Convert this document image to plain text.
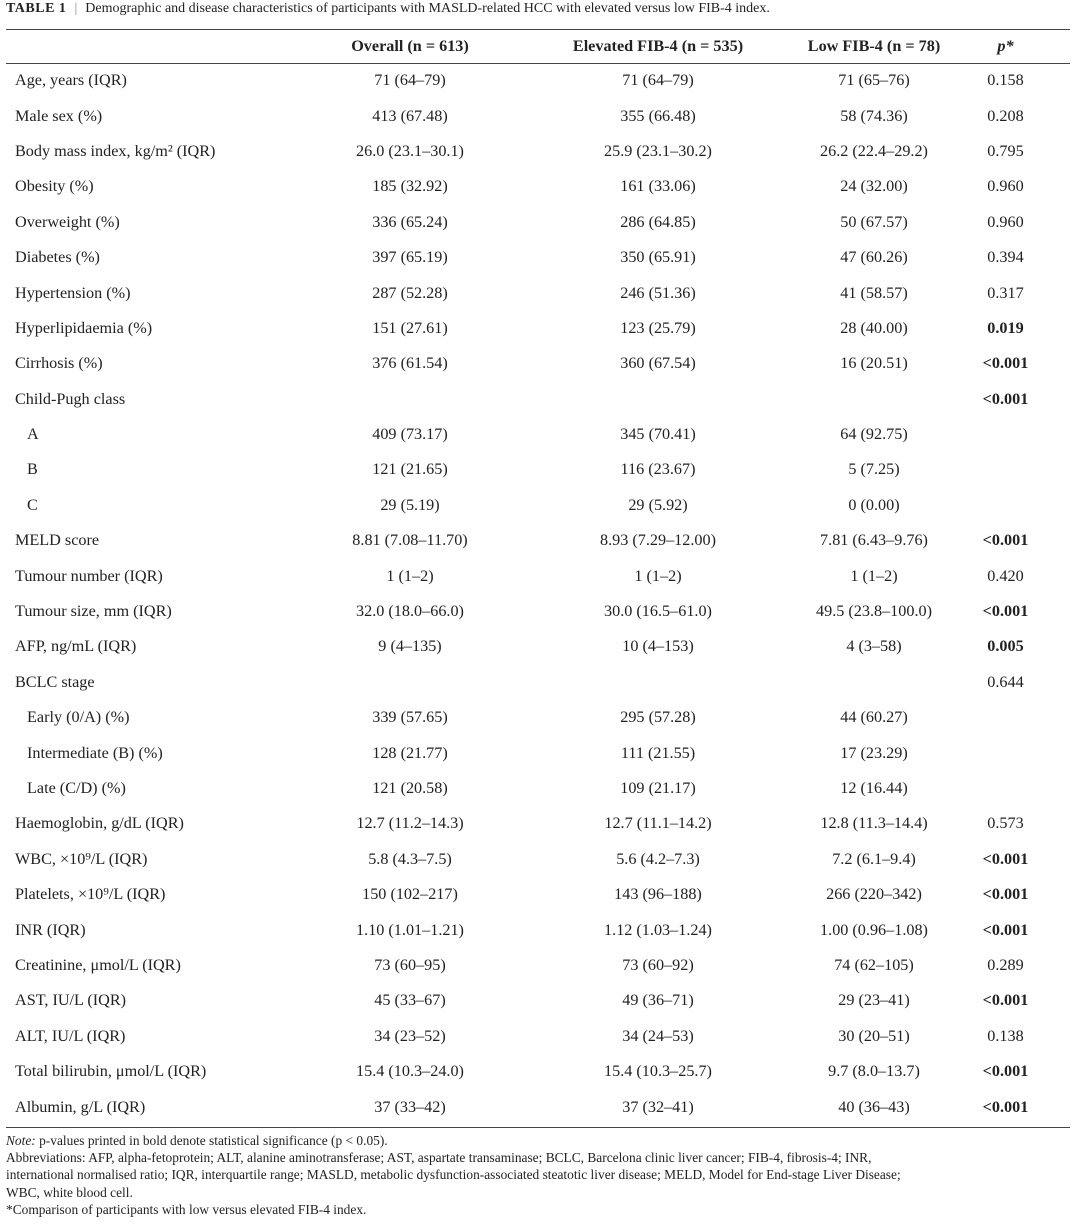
TABLE 1 | Demographic and disease characteristics of participants with MASLD-related HCC with elevated versus low FIB-4 index.
	Overall (n = 613)	Elevated FIB-4 (n = 535)	Low FIB-4 (n = 78)	p*
Age, years (IQR)	71 (64–79)	71 (64–79)	71 (65–76)	0.158
Male sex (%)	413 (67.48)	355 (66.48)	58 (74.36)	0.208
Body mass index, kg/m² (IQR)	26.0 (23.1–30.1)	25.9 (23.1–30.2)	26.2 (22.4–29.2)	0.795
Obesity (%)	185 (32.92)	161 (33.06)	24 (32.00)	0.960
Overweight (%)	336 (65.24)	286 (64.85)	50 (67.57)	0.960
Diabetes (%)	397 (65.19)	350 (65.91)	47 (60.26)	0.394
Hypertension (%)	287 (52.28)	246 (51.36)	41 (58.57)	0.317
Hyperlipidaemia (%)	151 (27.61)	123 (25.79)	28 (40.00)	0.019
Cirrhosis (%)	376 (61.54)	360 (67.54)	16 (20.51)	<0.001
Child-Pugh class				<0.001
A	409 (73.17)	345 (70.41)	64 (92.75)	
B	121 (21.65)	116 (23.67)	5 (7.25)	
C	29 (5.19)	29 (5.92)	0 (0.00)	
MELD score	8.81 (7.08–11.70)	8.93 (7.29–12.00)	7.81 (6.43–9.76)	<0.001
Tumour number (IQR)	1 (1–2)	1 (1–2)	1 (1–2)	0.420
Tumour size, mm (IQR)	32.0 (18.0–66.0)	30.0 (16.5–61.0)	49.5 (23.8–100.0)	<0.001
AFP, ng/mL (IQR)	9 (4–135)	10 (4–153)	4 (3–58)	0.005
BCLC stage				0.644
Early (0/A) (%)	339 (57.65)	295 (57.28)	44 (60.27)	
Intermediate (B) (%)	128 (21.77)	111 (21.55)	17 (23.29)	
Late (C/D) (%)	121 (20.58)	109 (21.17)	12 (16.44)	
Haemoglobin, g/dL (IQR)	12.7 (11.2–14.3)	12.7 (11.1–14.2)	12.8 (11.3–14.4)	0.573
WBC, ×10⁹/L (IQR)	5.8 (4.3–7.5)	5.6 (4.2–7.3)	7.2 (6.1–9.4)	<0.001
Platelets, ×10⁹/L (IQR)	150 (102–217)	143 (96–188)	266 (220–342)	<0.001
INR (IQR)	1.10 (1.01–1.21)	1.12 (1.03–1.24)	1.00 (0.96–1.08)	<0.001
Creatinine, μmol/L (IQR)	73 (60–95)	73 (60–92)	74 (62–105)	0.289
AST, IU/L (IQR)	45 (33–67)	49 (36–71)	29 (23–41)	<0.001
ALT, IU/L (IQR)	34 (23–52)	34 (24–53)	30 (20–51)	0.138
Total bilirubin, μmol/L (IQR)	15.4 (10.3–24.0)	15.4 (10.3–25.7)	9.7 (8.0–13.7)	<0.001
Albumin, g/L (IQR)	37 (33–42)	37 (32–41)	40 (36–43)	<0.001

Note: p-values printed in bold denote statistical significance (p < 0.05).

Abbreviations: AFP, alpha-fetoprotein; ALT, alanine aminotransferase; AST, aspartate transaminase; BCLC, Barcelona clinic liver cancer; FIB-4, fibrosis-4; INR,

international normalised ratio; IQR, interquartile range; MASLD, metabolic dysfunction-associated steatotic liver disease; MELD, Model for End-stage Liver Disease;

WBC, white blood cell.

*Comparison of participants with low versus elevated FIB-4 index.
